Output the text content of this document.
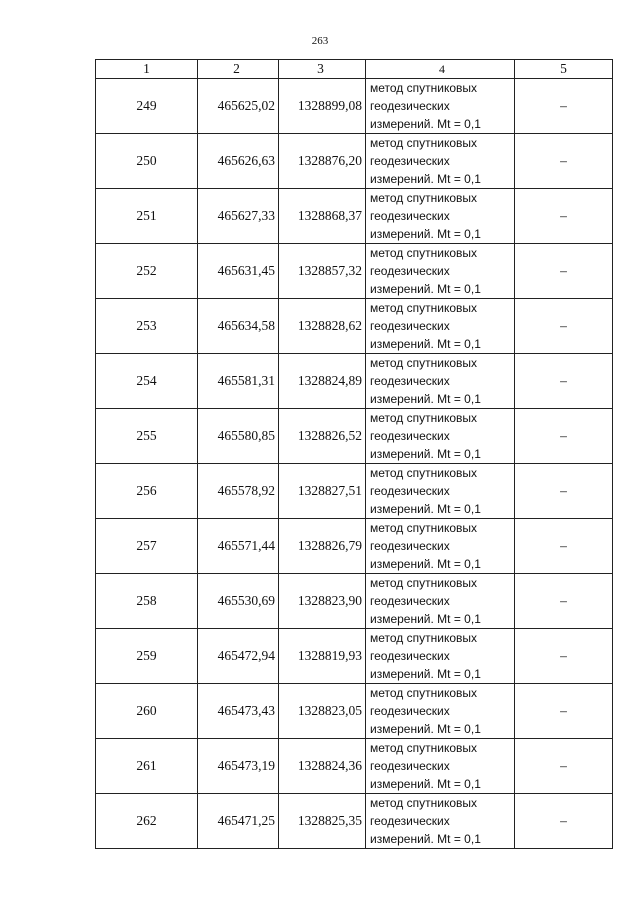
263
1	2	3	4	5
249	465625,02	1328899,08	метод спутниковых
геодезических
измерений. Mt = 0,1	–
250	465626,63	1328876,20	метод спутниковых
геодезических
измерений. Mt = 0,1	–
251	465627,33	1328868,37	метод спутниковых
геодезических
измерений. Mt = 0,1	–
252	465631,45	1328857,32	метод спутниковых
геодезических
измерений. Mt = 0,1	–
253	465634,58	1328828,62	метод спутниковых
геодезических
измерений. Mt = 0,1	–
254	465581,31	1328824,89	метод спутниковых
геодезических
измерений. Mt = 0,1	–
255	465580,85	1328826,52	метод спутниковых
геодезических
измерений. Mt = 0,1	–
256	465578,92	1328827,51	метод спутниковых
геодезических
измерений. Mt = 0,1	–
257	465571,44	1328826,79	метод спутниковых
геодезических
измерений. Mt = 0,1	–
258	465530,69	1328823,90	метод спутниковых
геодезических
измерений. Mt = 0,1	–
259	465472,94	1328819,93	метод спутниковых
геодезических
измерений. Mt = 0,1	–
260	465473,43	1328823,05	метод спутниковых
геодезических
измерений. Mt = 0,1	–
261	465473,19	1328824,36	метод спутниковых
геодезических
измерений. Mt = 0,1	–
262	465471,25	1328825,35	метод спутниковых
геодезических
измерений. Mt = 0,1	–
